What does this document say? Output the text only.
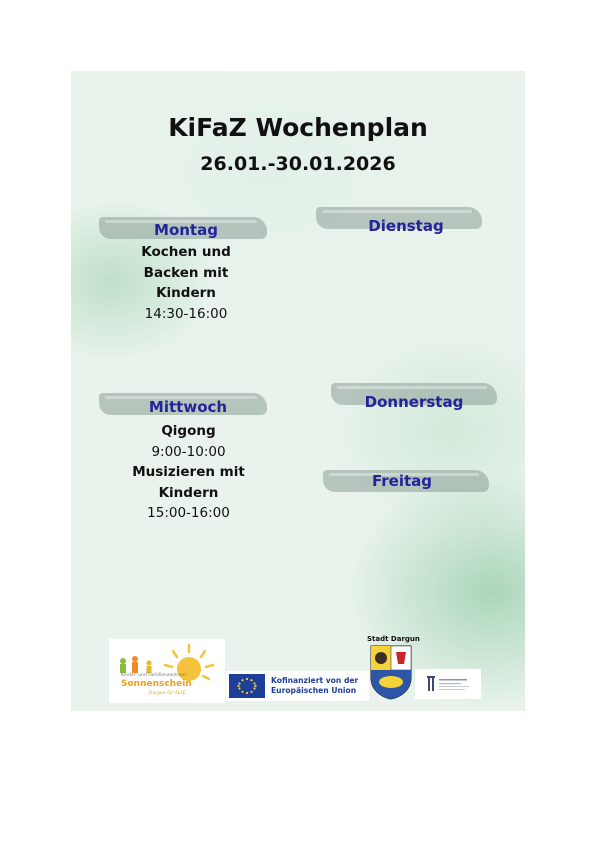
KiFaZ Wochenplan
26.01.-30.01.2026
Montag
Kochen und
Backen mit
Kindern
14:30-16:00
Dienstag
Mittwoch
Qigong
9:00-10:00
Musizieren mit
Kindern
15:00-16:00
Donnerstag
Freitag
Kinder- und Familienzentrum
Sonnenschein
Dargun für ALLE
Kofinanziert von der
Europäischen Union
Stadt Dargun
